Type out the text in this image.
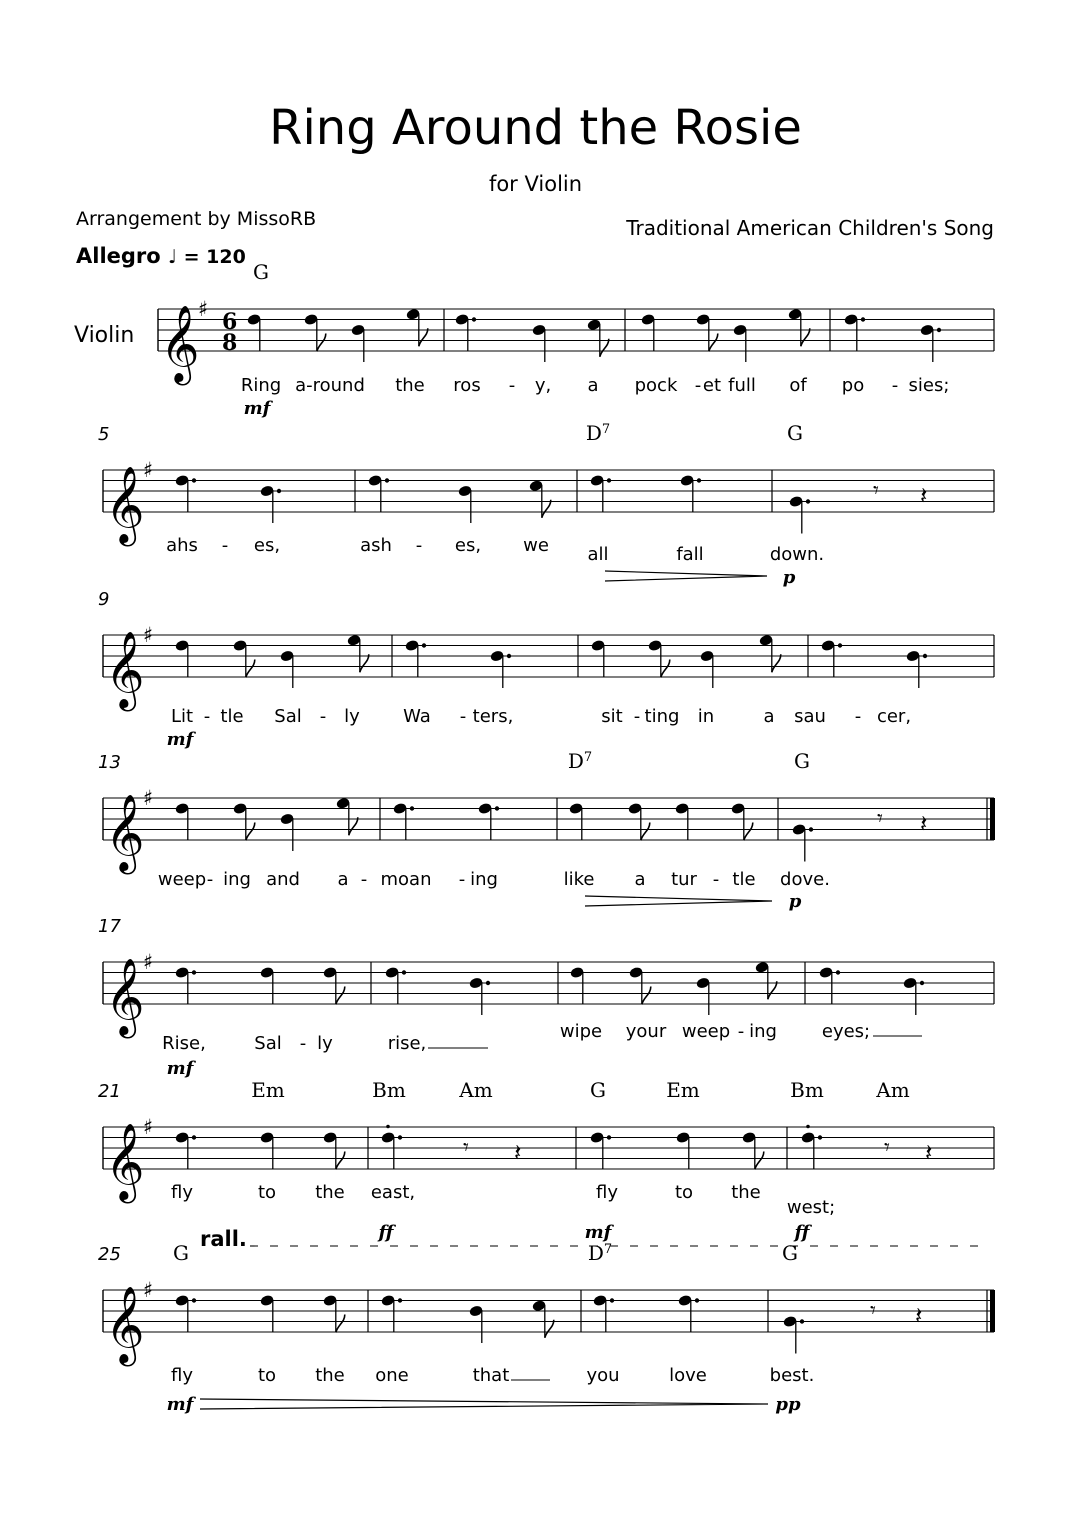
Ring Around the Rosie
for Violin
Arrangement by MissoRB	Traditional American Children's Song
Allegro ♩ = 120
Violin 𝄞
♯ 6
8
G
Ring a-round the ros - y, a pock - et full of po - sies;
mf
𝄞
♯
5
𝄾 𝄽
$D^7$	G
ahs - es,	ash - es, we all	fall	down.
p
𝄞
♯
9
Lit - tle Sal - ly Wa - ters,	sit - ting in	a sau - cer,
mf
𝄞
♯
13
𝄾 𝄽
$D^7$	G
weep - ing and a - moan - ing	like a tur - tle dove.
p
𝄞
♯
17
Rise,	Sal - ly	rise,
wipe your weep - ing eyes;
mf
𝄞
♯
21
𝄾 𝄽	𝄾 𝄽
Em	Bm	Am	G	Em	Bm	Am
fly	to the east,	fly	to the
west;
ff	mf	ff
𝄞
♯
25
𝄾 𝄽
G	$D^7$	G
fly	to the one	that	you	love	best.
mf	pp
rall.
